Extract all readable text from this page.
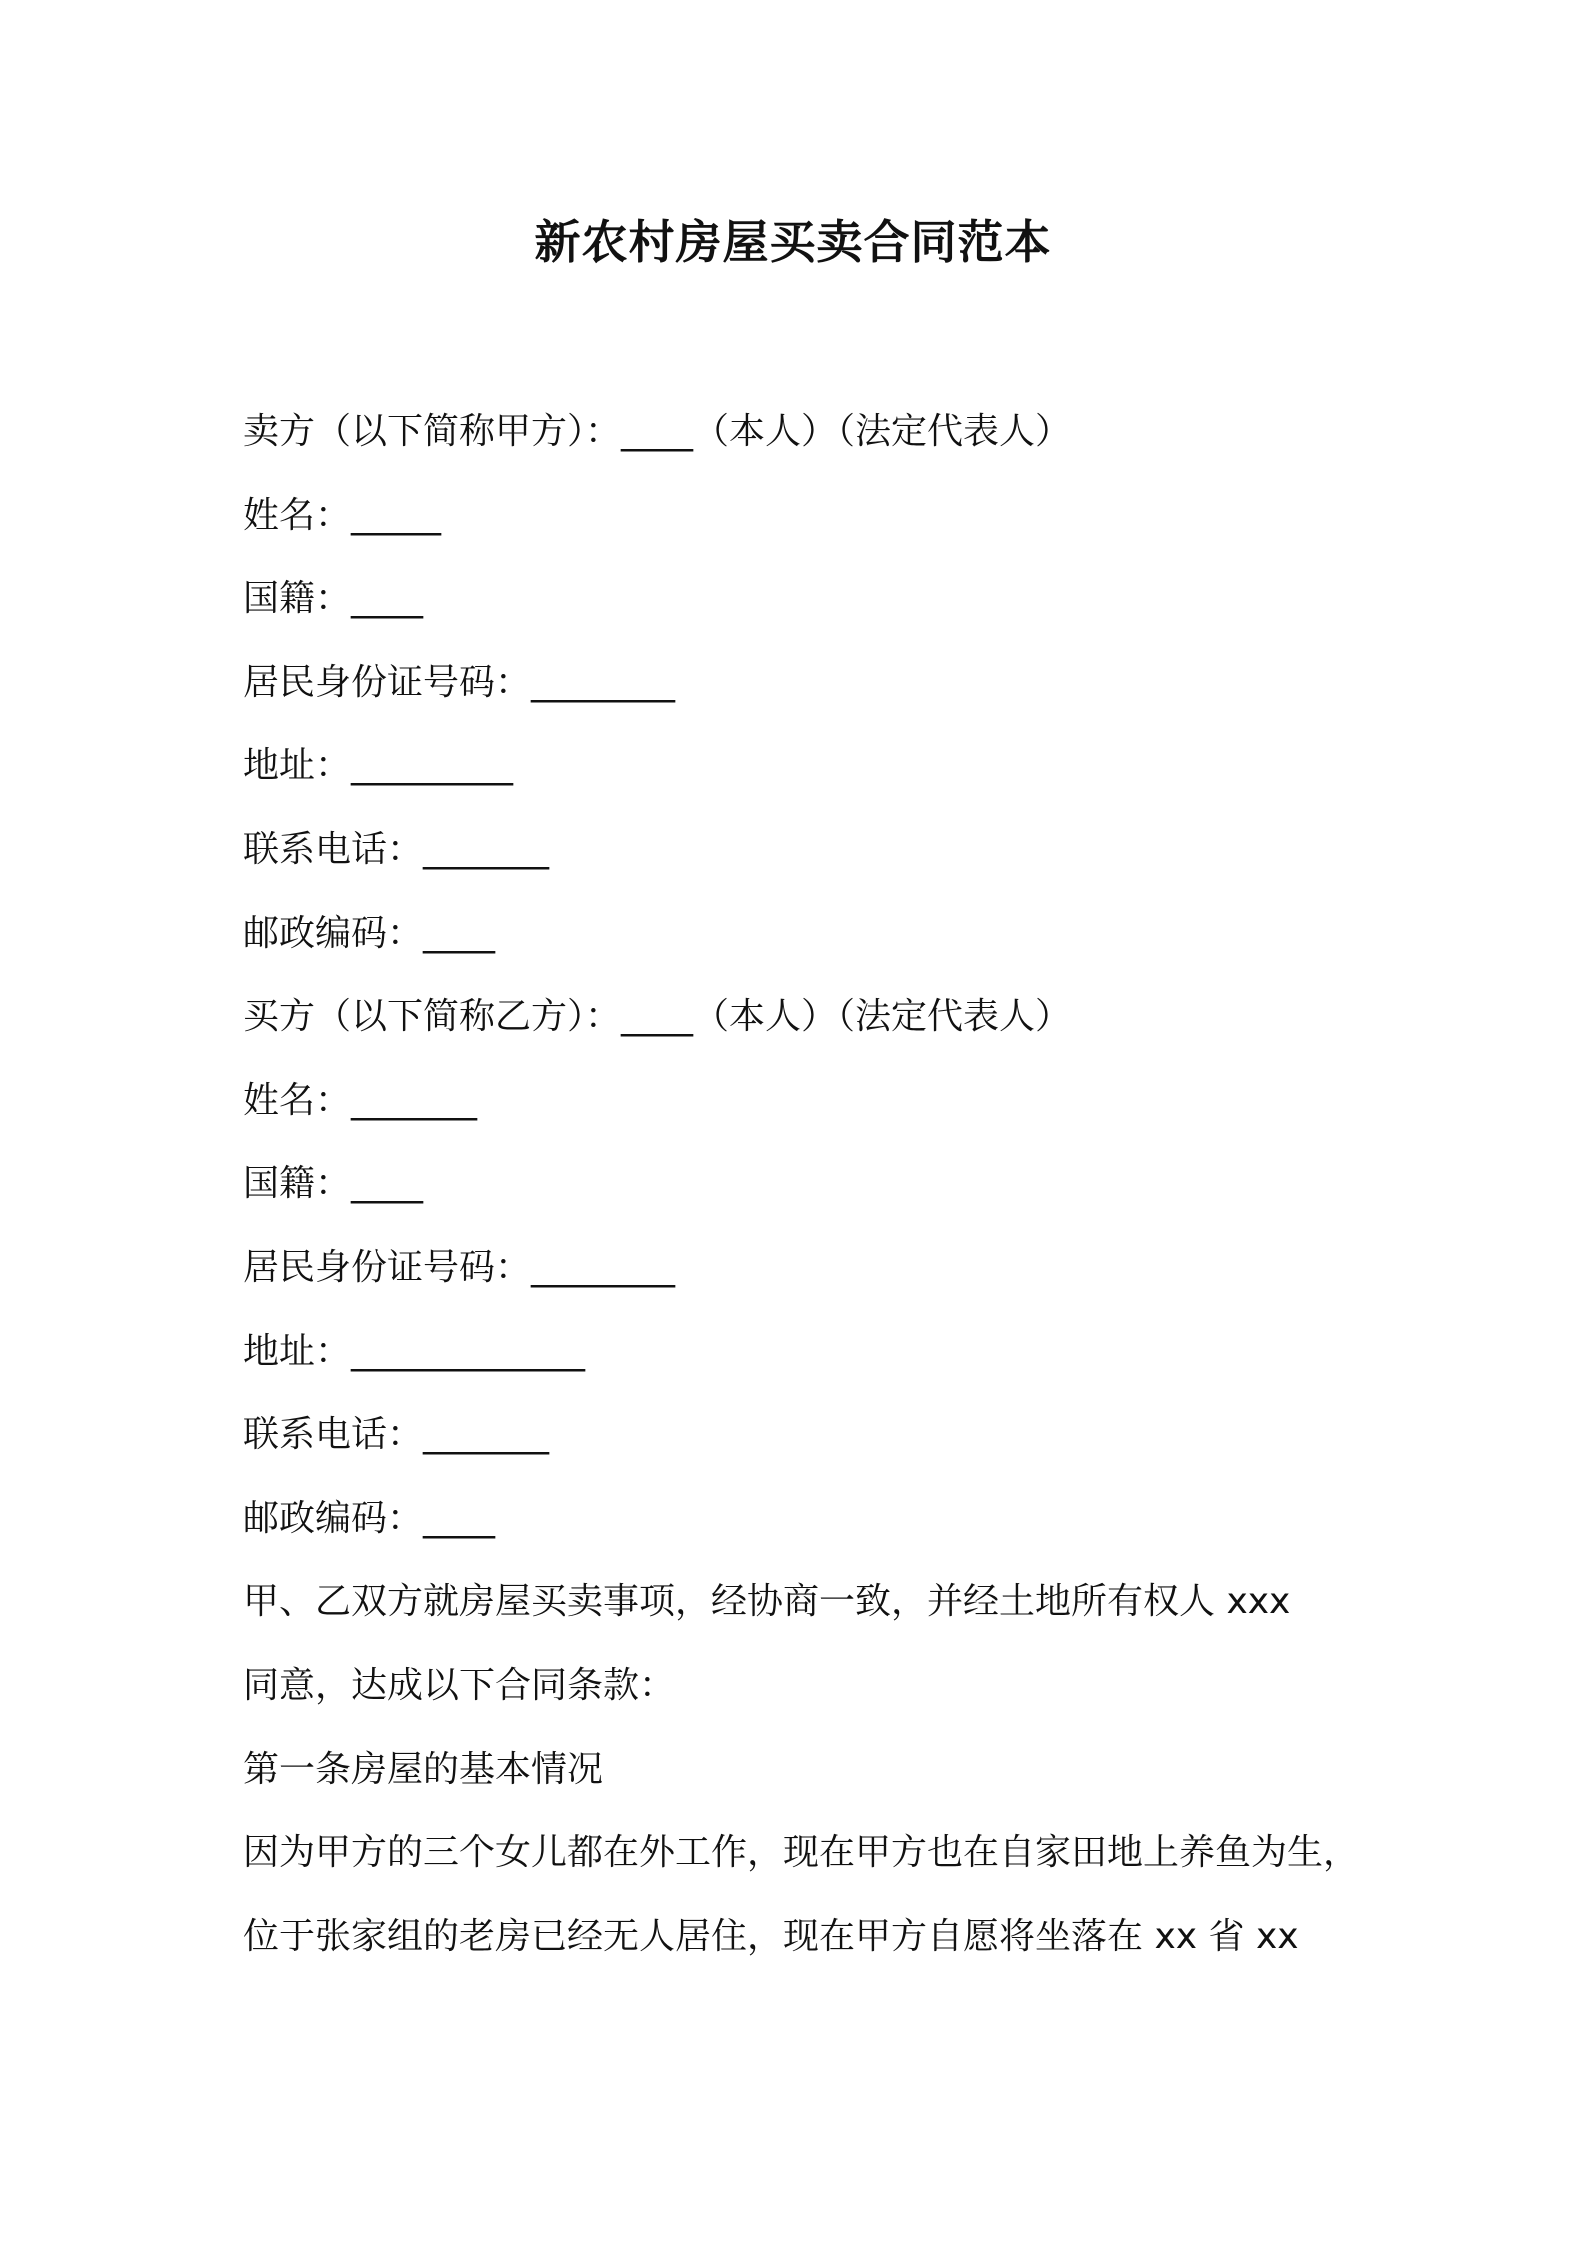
新农村房屋买卖合同范本
卖方（以下简称甲方）：____（本人）（法定代表人）
姓名：_____
国籍：____
居民身份证号码：________
地址：_________
联系电话：_______
邮政编码：____
买方（以下简称乙方）：____（本人）（法定代表人）
姓名：_______
国籍：____
居民身份证号码：________
地址：_____________
联系电话：_______
邮政编码：____
甲、乙双方就房屋买卖事项，经协商一致，并经土地所有权人 xxx
同意，达成以下合同条款：
第一条房屋的基本情况
因为甲方的三个女儿都在外工作，现在甲方也在自家田地上养鱼为生，
位于张家组的老房已经无人居住，现在甲方自愿将坐落在 xx 省 xx
